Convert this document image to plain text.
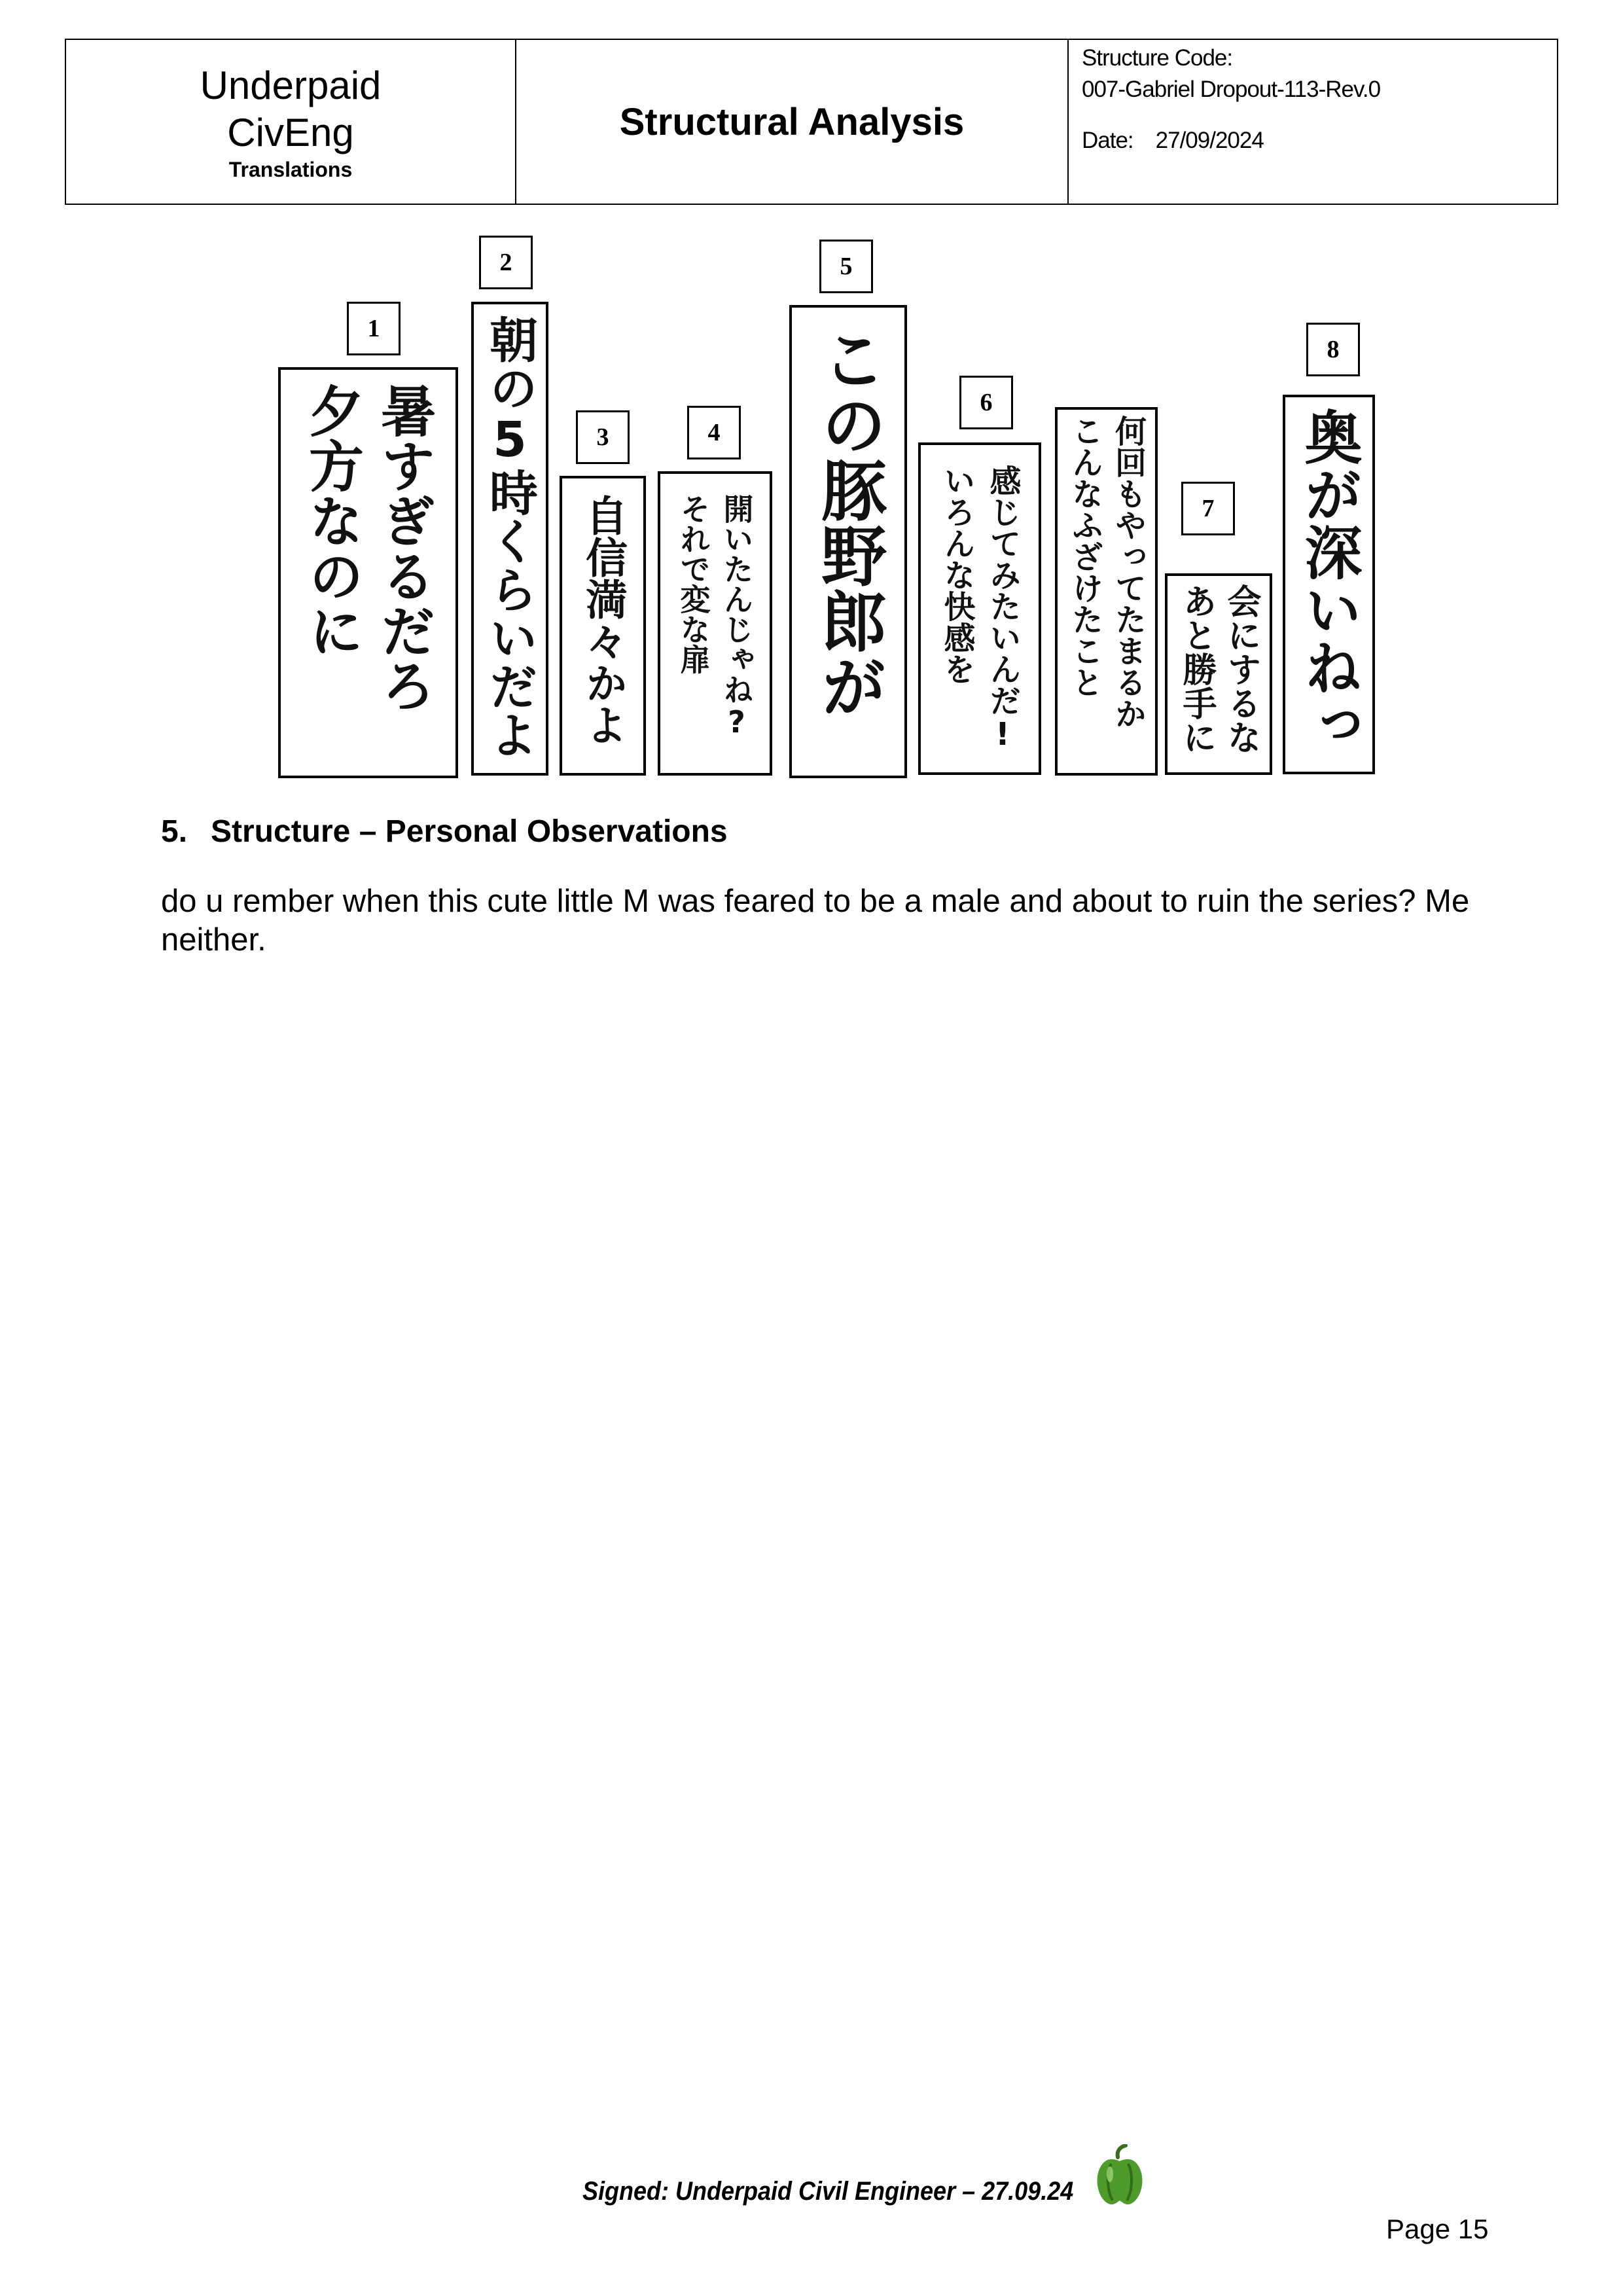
Underpaid
CivEng
Translations
Structural Analysis
Structure Code:
007-Gabriel Dropout-113-Rev.0
Date: 27/09/2024
1
2
3	4
5
6
7
8
夕方なのに 暑すぎるだろ 朝の5時くらいだよ 自信満々かよ それで変な扉 開いたんじゃね? この豚野郎が いろんな快感を 感じてみたいんだ! こんなふざけたこと 何回もやってたまるか あと勝手に 会にするな 奥が深いねっ
5. Structure – Personal Observations
do u rember when this cute little M was feared to be a male and about to ruin the series? Me neither.
Signed: Underpaid Civil Engineer – 27.09.24
Page 15
